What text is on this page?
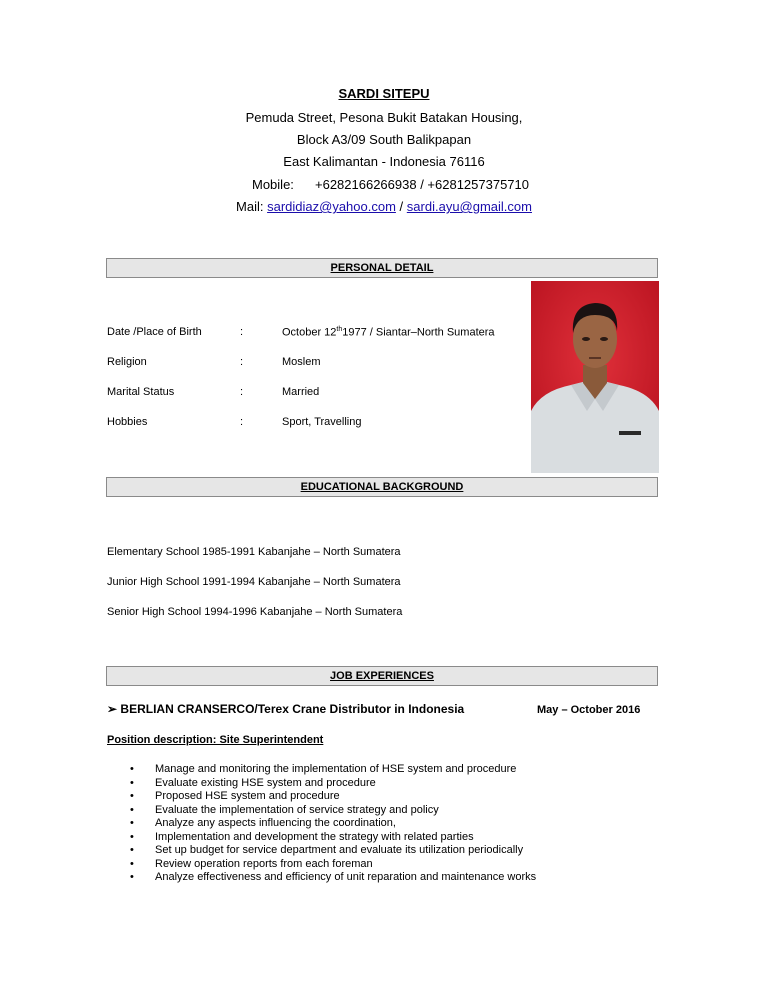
SARDI SITEPU
Pemuda Street, Pesona Bukit Batakan Housing,
Block A3/09 South Balikpapan
East Kalimantan - Indonesia 76116
Mobile: +6282166266938 / +6281257375710
Mail: sardidiaz@yahoo.com / sardi.ayu@gmail.com
PERSONAL DETAIL
Date /Place of Birth	:	October 12th1977 / Siantar–North Sumatera
Religion	:	Moslem
Marital Status	:	Married
Hobbies	:	Sport, Travelling
EDUCATIONAL BACKGROUND
Elementary School 1985-1991 Kabanjahe – North Sumatera
Junior High School 1991-1994 Kabanjahe – North Sumatera
Senior High School 1994-1996 Kabanjahe – North Sumatera
JOB EXPERIENCES
➢ BERLIAN CRANSERCO/Terex Crane Distributor in Indonesia	May – October 2016
Position description: Site Superintendent
• Manage and monitoring the implementation of HSE system and procedure
• Evaluate existing HSE system and procedure
• Proposed HSE system and procedure
• Evaluate the implementation of service strategy and policy
• Analyze any aspects influencing the coordination,
• Implementation and development the strategy with related parties
• Set up budget for service department and evaluate its utilization periodically
• Review operation reports from each foreman
• Analyze effectiveness and efficiency of unit reparation and maintenance works
